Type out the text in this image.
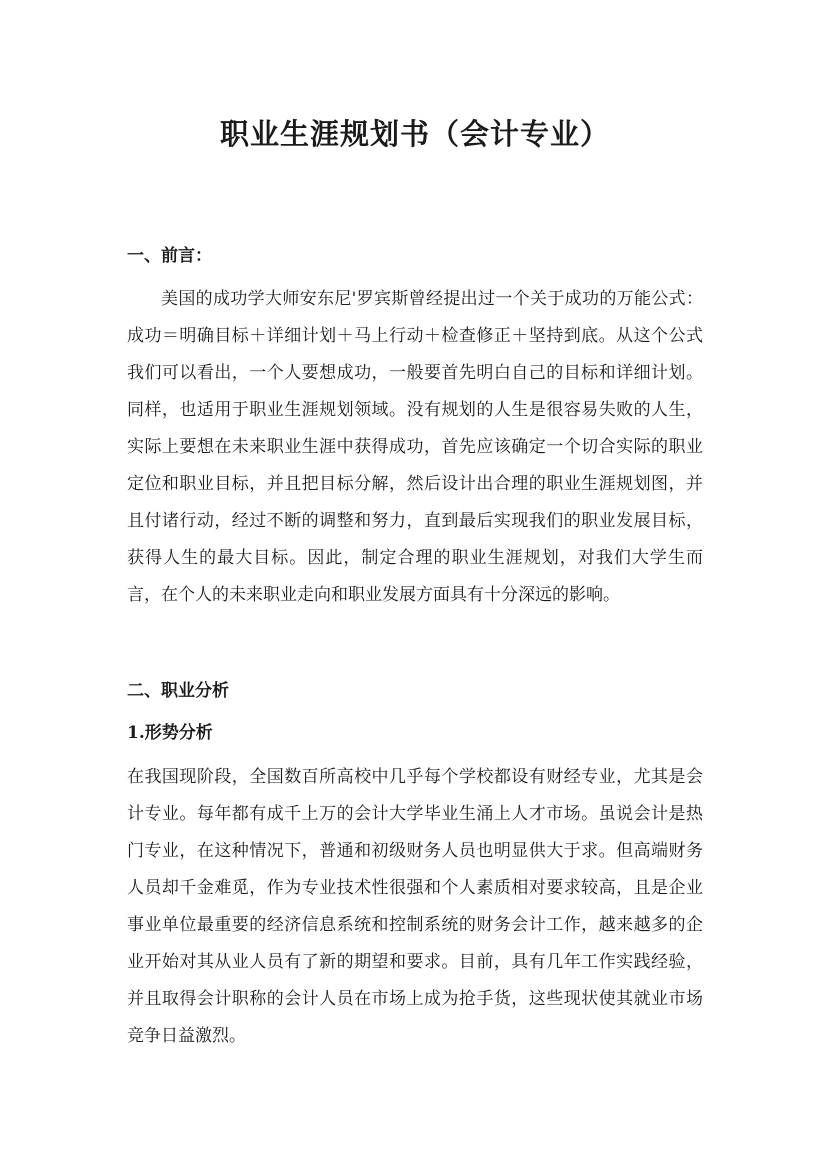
职业生涯规划书（会计专业）
一、前言：
美国的成功学大师安东尼'罗宾斯曾经提出过一个关于成功的万能公式：成功＝明确目标＋详细计划＋马上行动＋检查修正＋坚持到底。从这个公式我们可以看出，一个人要想成功，一般要首先明白自己的目标和详细计划。同样，也适用于职业生涯规划领域。没有规划的人生是很容易失败的人生，实际上要想在未来职业生涯中获得成功，首先应该确定一个切合实际的职业定位和职业目标，并且把目标分解，然后设计出合理的职业生涯规划图，并且付诸行动，经过不断的调整和努力，直到最后实现我们的职业发展目标，获得人生的最大目标。因此，制定合理的职业生涯规划，对我们大学生而言，在个人的未来职业走向和职业发展方面具有十分深远的影响。
二、职业分析
1.形势分析
在我国现阶段，全国数百所高校中几乎每个学校都设有财经专业，尤其是会计专业。每年都有成千上万的会计大学毕业生涌上人才市场。虽说会计是热门专业，在这种情况下，普通和初级财务人员也明显供大于求。但高端财务人员却千金难觅，作为专业技术性很强和个人素质相对要求较高，且是企业事业单位最重要的经济信息系统和控制系统的财务会计工作，越来越多的企业开始对其从业人员有了新的期望和要求。目前，具有几年工作实践经验，并且取得会计职称的会计人员在市场上成为抢手货，这些现状使其就业市场竞争日益激烈。
